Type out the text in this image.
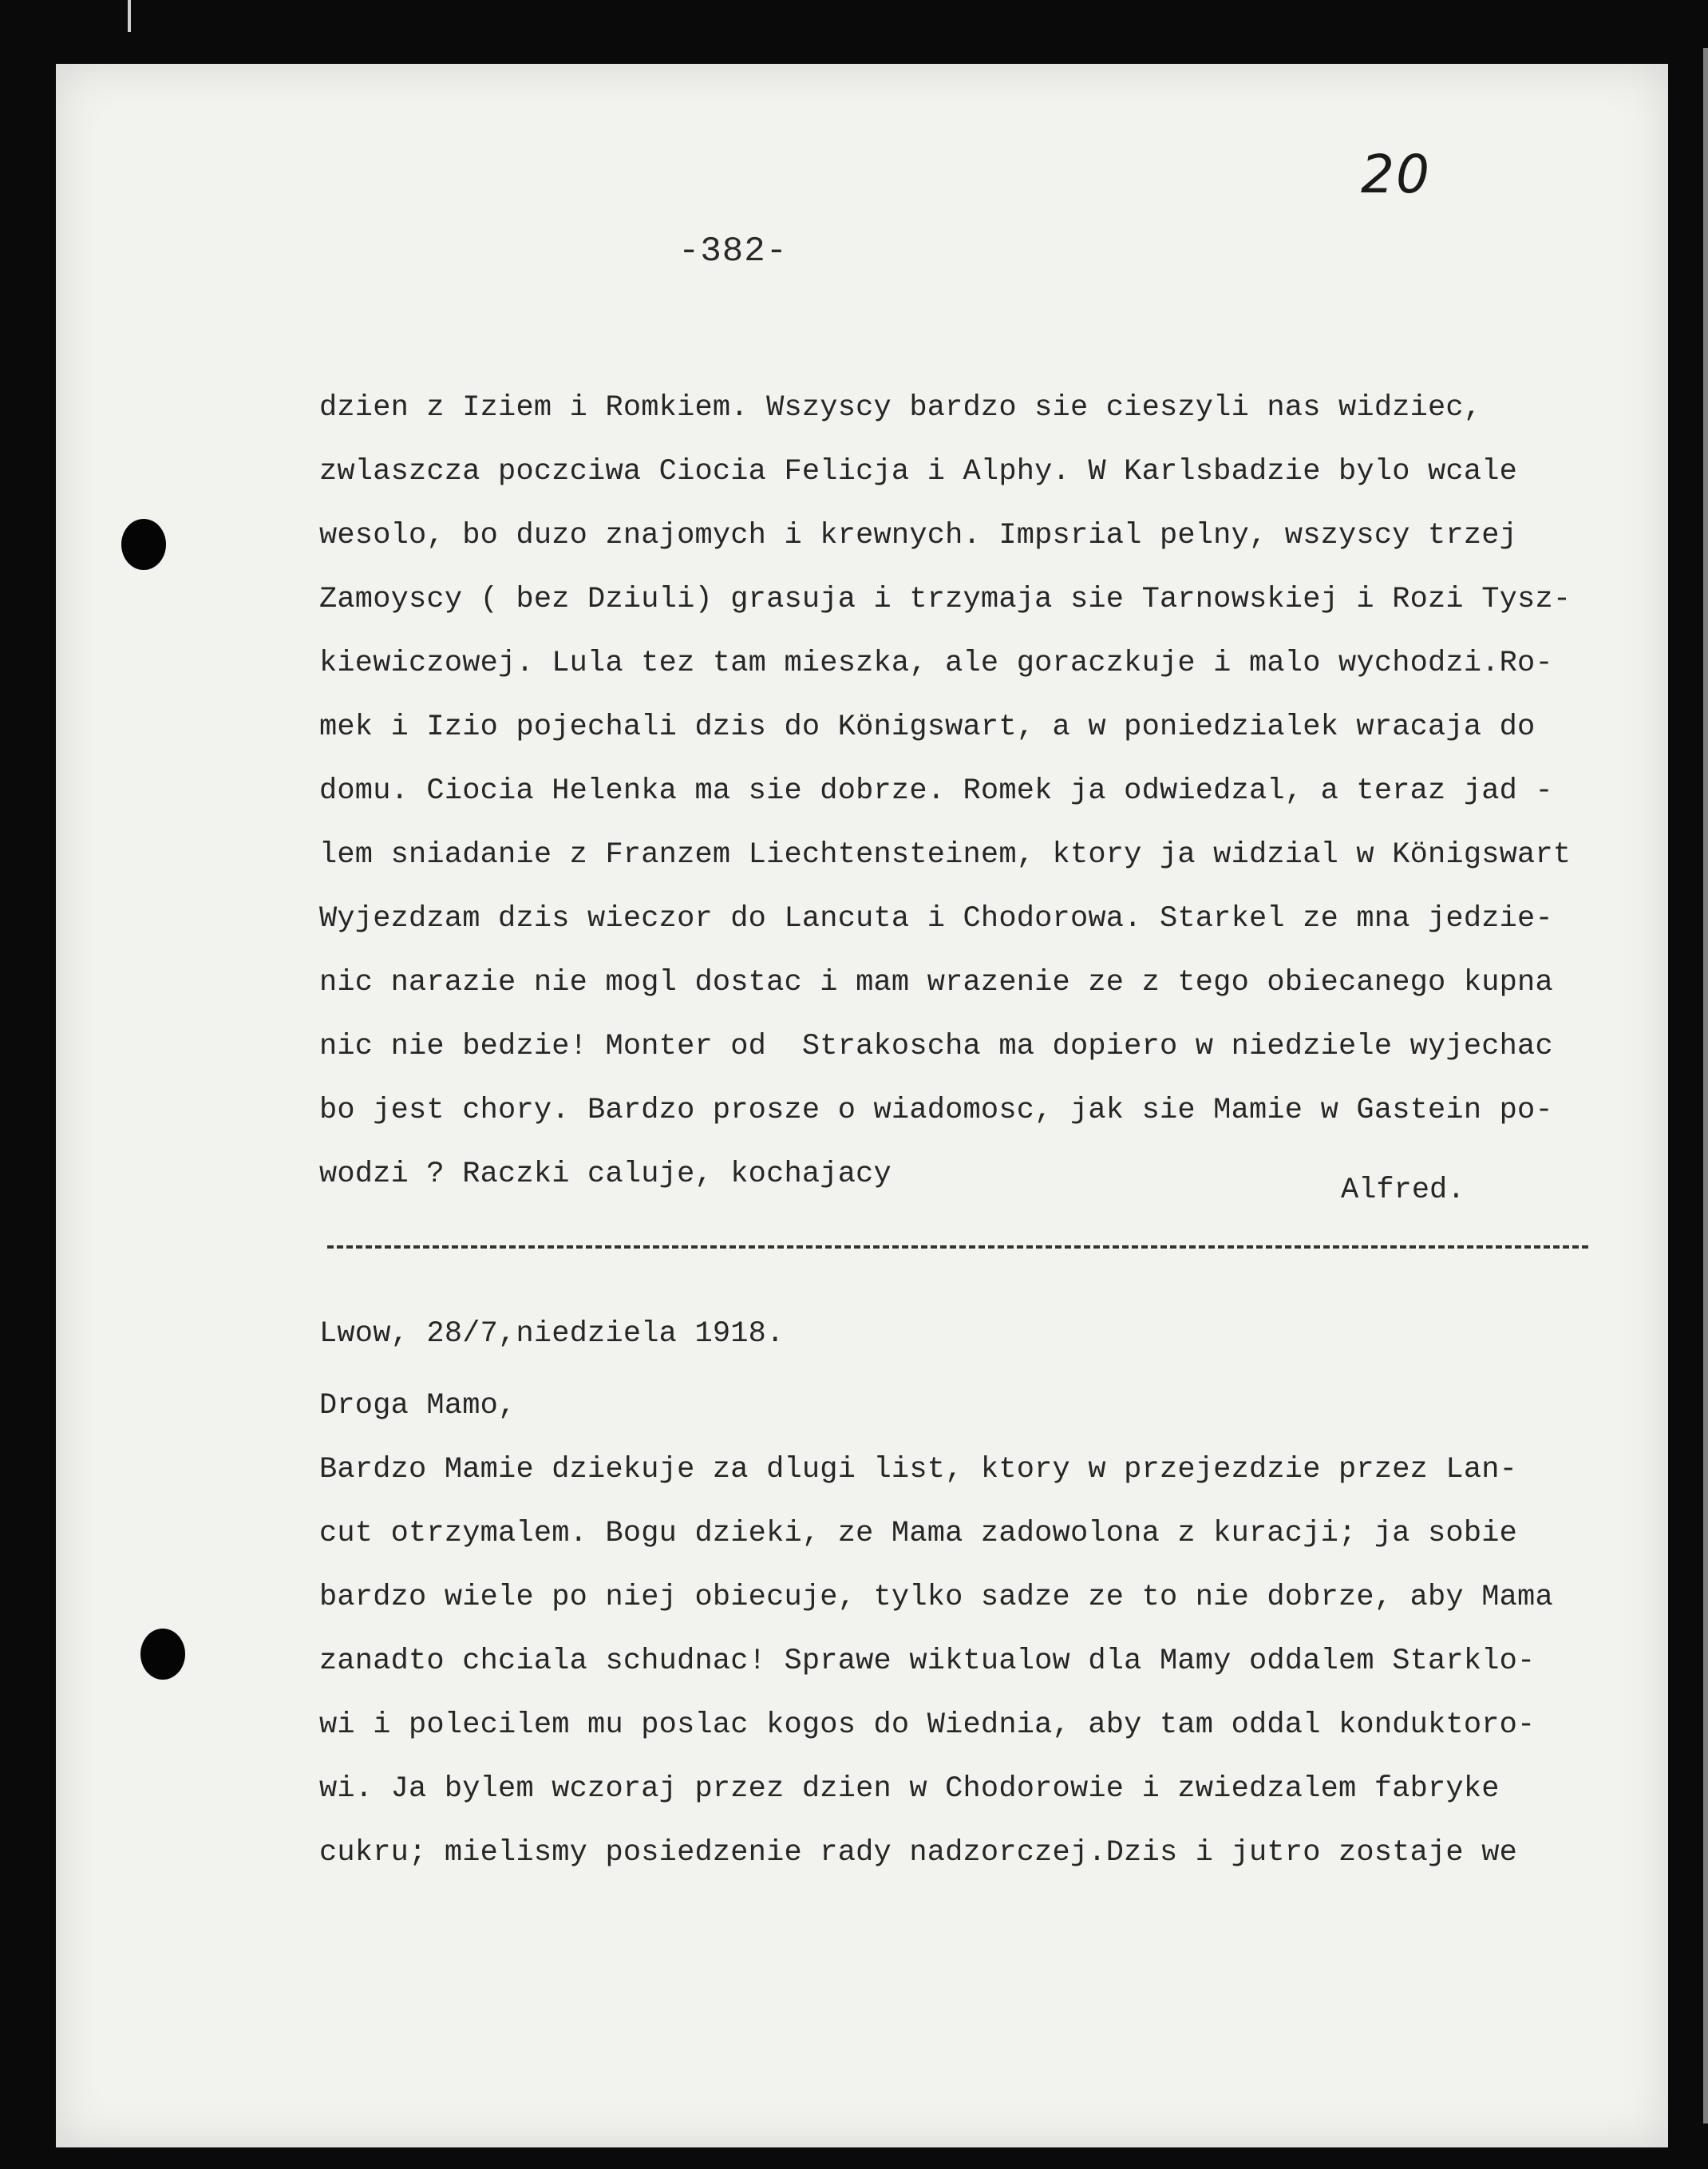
20
-382-
dzien z Iziem i Romkiem. Wszyscy bardzo sie cieszyli nas widziec,
zwlaszcza poczciwa Ciocia Felicja i Alphy. W Karlsbadzie bylo wcale
wesolo, bo duzo znajomych i krewnych. Impsrial pelny, wszyscy trzej
Zamoyscy ( bez Dziuli) grasuja i trzymaja sie Tarnowskiej i Rozi Tysz-
kiewiczowej. Lula tez tam mieszka, ale goraczkuje i malo wychodzi.Ro-
mek i Izio pojechali dzis do Königswart, a w poniedzialek wracaja do
domu. Ciocia Helenka ma sie dobrze. Romek ja odwiedzal, a teraz jad -
lem sniadanie z Franzem Liechtensteinem, ktory ja widzial w Königswart
Wyjezdzam dzis wieczor do Lancuta i Chodorowa. Starkel ze mna jedzie-
nic narazie nie mogl dostac i mam wrazenie ze z tego obiecanego kupna
nic nie bedzie! Monter od  Strakoscha ma dopiero w niedziele wyjechac
bo jest chory. Bardzo prosze o wiadomosc, jak sie Mamie w Gastein po-
wodzi ? Raczki caluje, kochajacy	Alfred.
Lwow, 28/7,niedziela 1918.
Droga Mamo,
Bardzo Mamie dziekuje za dlugi list, ktory w przejezdzie przez Lan-
cut otrzymalem. Bogu dzieki, ze Mama zadowolona z kuracji; ja sobie
bardzo wiele po niej obiecuje, tylko sadze ze to nie dobrze, aby Mama
zanadto chciala schudnac! Sprawe wiktualow dla Mamy oddalem Starklo-
wi i polecilem mu poslac kogos do Wiednia, aby tam oddal konduktoro-
wi. Ja bylem wczoraj przez dzien w Chodorowie i zwiedzalem fabryke
cukru; mielismy posiedzenie rady nadzorczej.Dzis i jutro zostaje we
